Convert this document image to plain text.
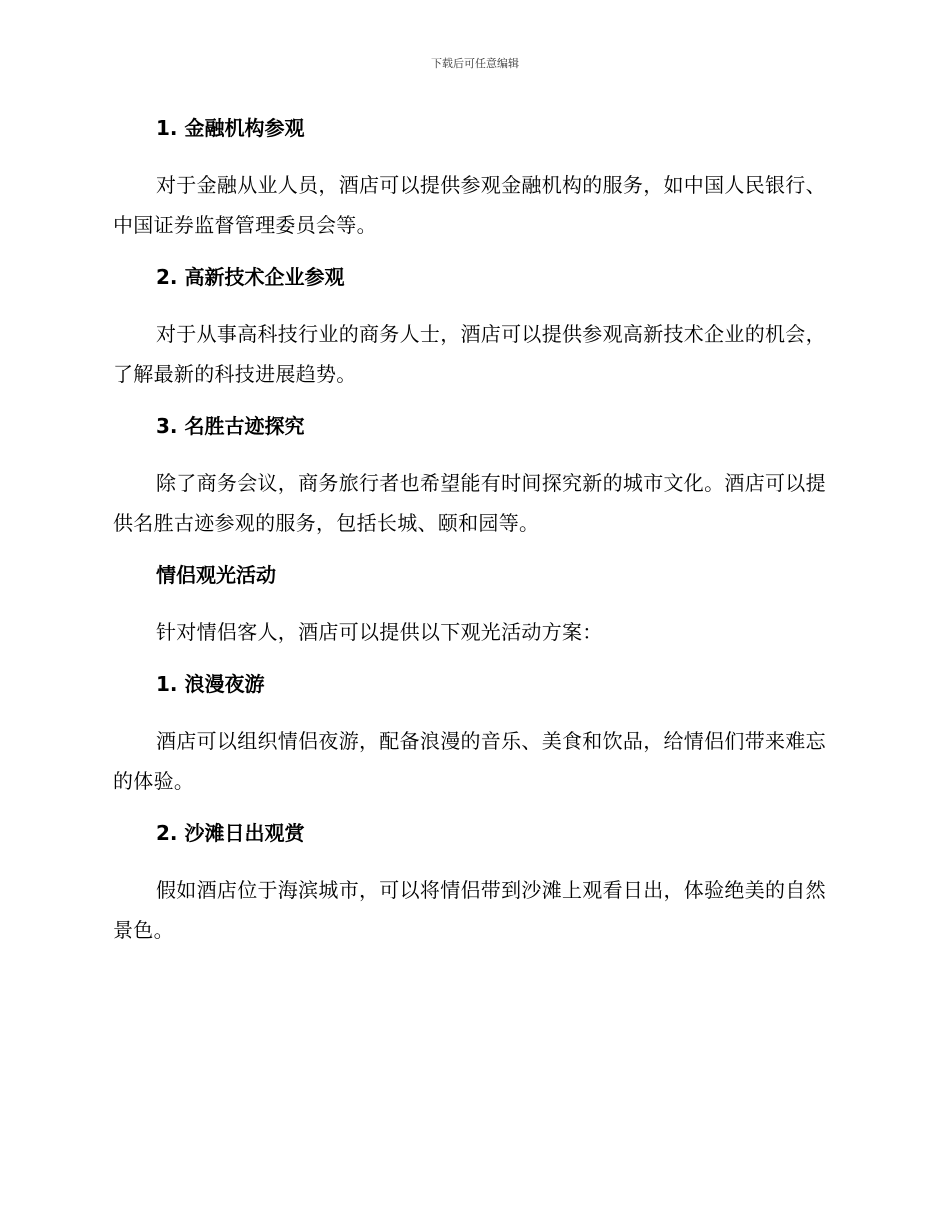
下载后可任意编辑

1. 金融机构参观

对于金融从业人员，酒店可以提供参观金融机构的服务，如中国人民银行、中国证券监督管理委员会等。

2. 高新技术企业参观

对于从事高科技行业的商务人士，酒店可以提供参观高新技术企业的机会，了解最新的科技进展趋势。

3. 名胜古迹探究

除了商务会议，商务旅行者也希望能有时间探究新的城市文化。酒店可以提供名胜古迹参观的服务，包括长城、颐和园等。

情侣观光活动

针对情侣客人，酒店可以提供以下观光活动方案：

1. 浪漫夜游

酒店可以组织情侣夜游，配备浪漫的音乐、美食和饮品，给情侣们带来难忘的体验。

2. 沙滩日出观赏

假如酒店位于海滨城市，可以将情侣带到沙滩上观看日出，体验绝美的自然景色。
